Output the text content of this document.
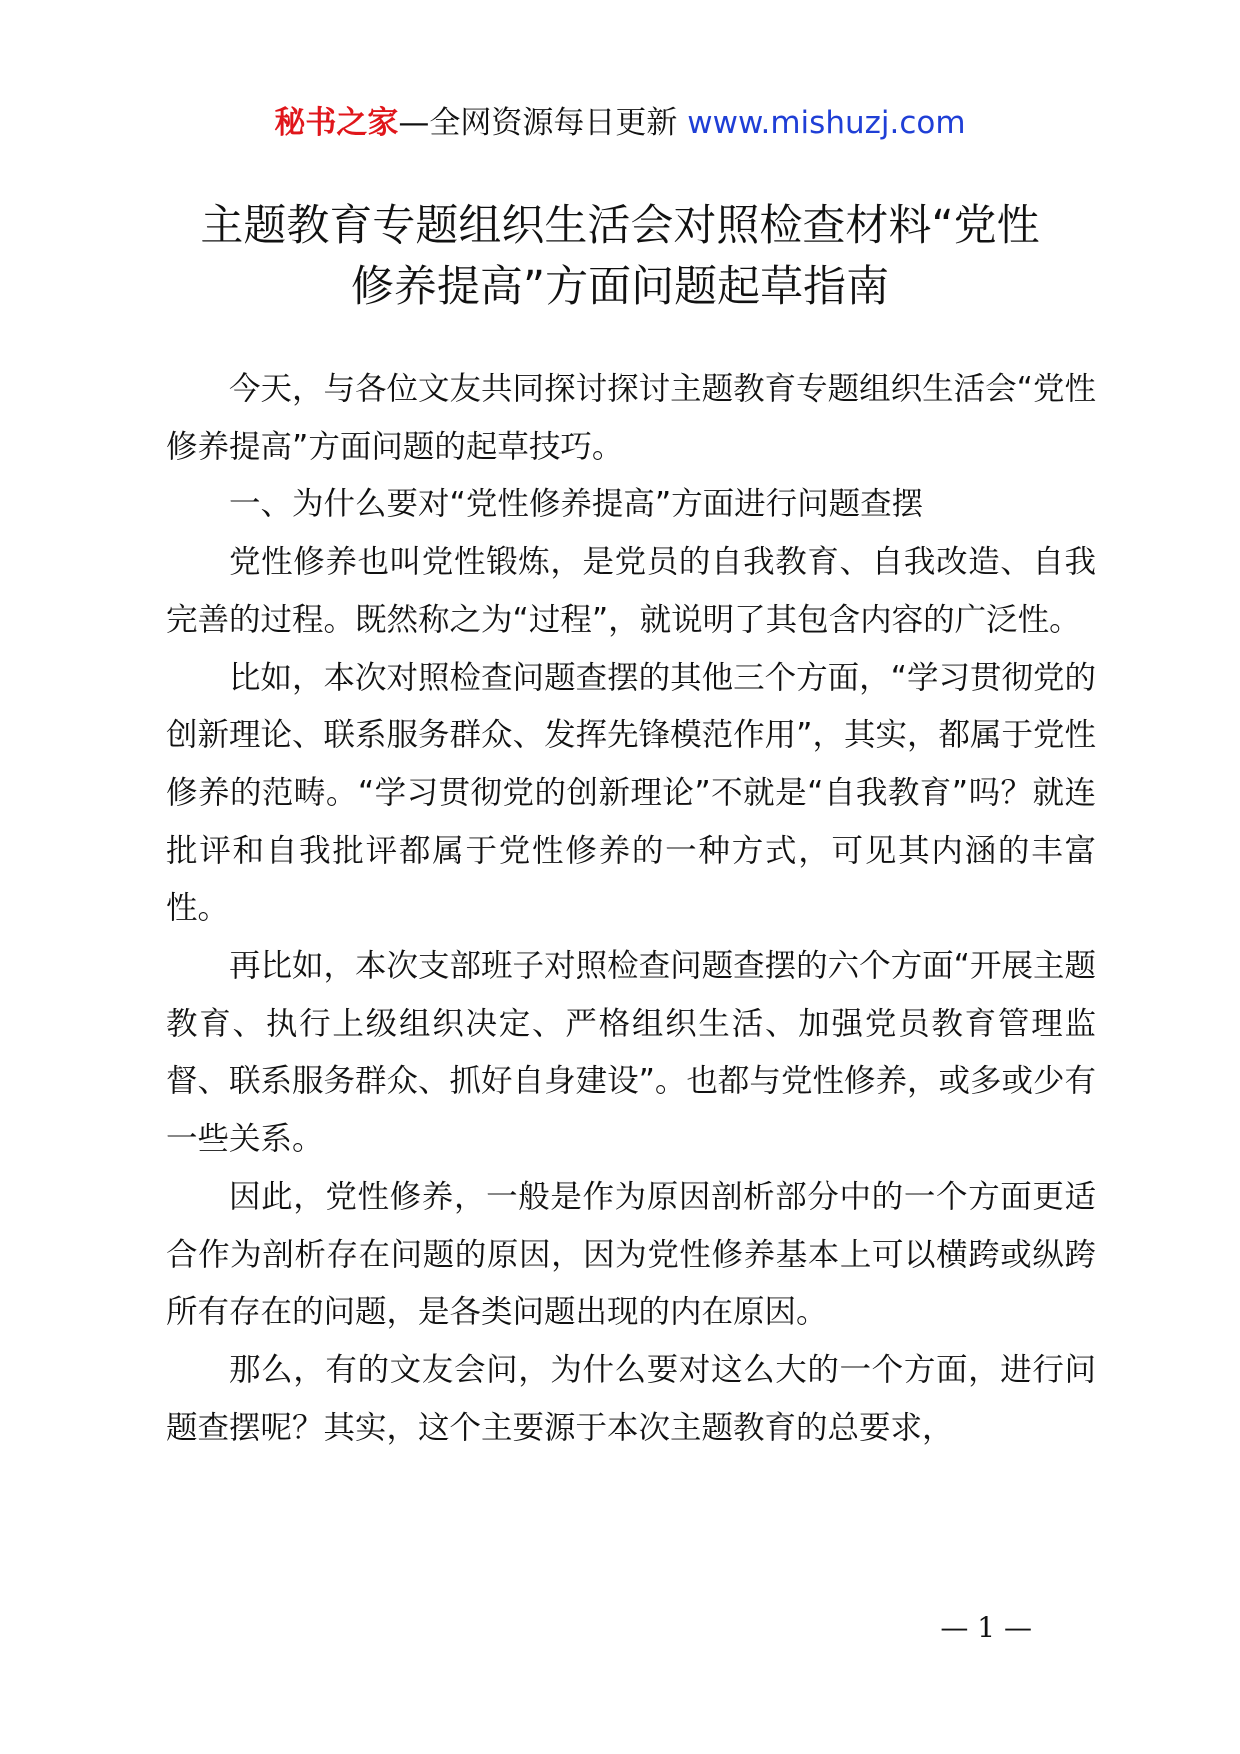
秘书之家—全网资源每日更新 www.mishuzj.com
主题教育专题组织生活会对照检查材料“党性
修养提高”方面问题起草指南

今天，与各位文友共同探讨探讨主题教育专题组织生活会“党性修养提高”方面问题的起草技巧。

一、为什么要对“党性修养提高”方面进行问题查摆

党性修养也叫党性锻炼，是党员的自我教育、自我改造、自我完善的过程。既然称之为“过程”，就说明了其包含内容的广泛性。

比如，本次对照检查问题查摆的其他三个方面，“学习贯彻党的创新理论、联系服务群众、发挥先锋模范作用”，其实，都属于党性修养的范畴。“学习贯彻党的创新理论”不就是“自我教育”吗？就连批评和自我批评都属于党性修养的一种方式，可见其内涵的丰富性。

再比如，本次支部班子对照检查问题查摆的六个方面“开展主题教育、执行上级组织决定、严格组织生活、加强党员教育管理监督、联系服务群众、抓好自身建设”。也都与党性修养，或多或少有一些关系。

因此，党性修养，一般是作为原因剖析部分中的一个方面更适合作为剖析存在问题的原因，因为党性修养基本上可以横跨或纵跨所有存在的问题，是各类问题出现的内在原因。

那么，有的文友会问，为什么要对这么大的一个方面，进行问题查摆呢？其实，这个主要源于本次主题教育的总要求，

— 1 —
